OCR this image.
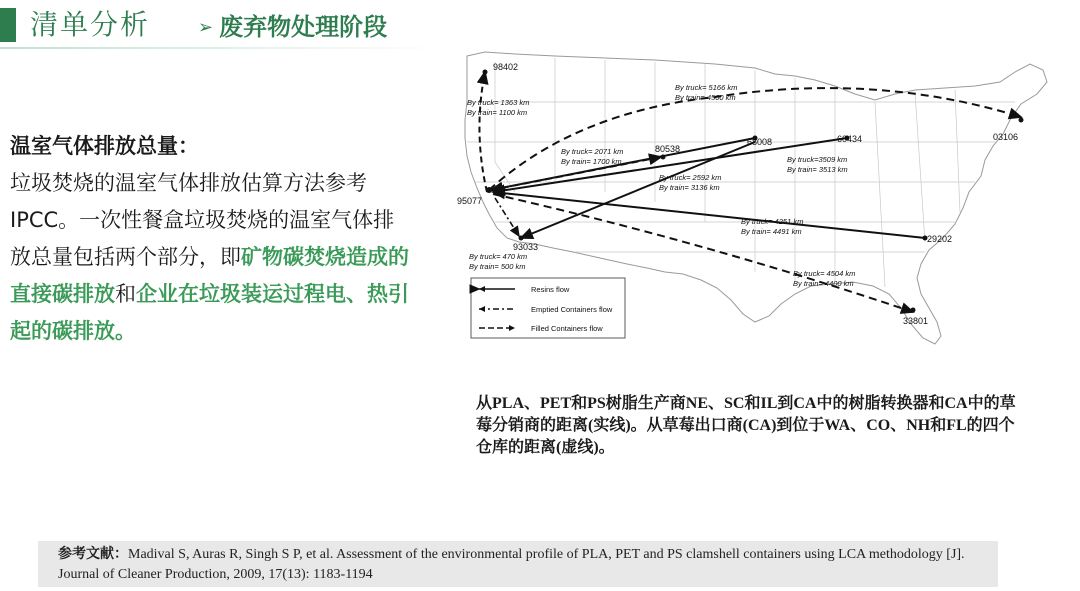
清单分析	➢ 废弃物处理阶段
温室气体排放总量：
垃圾焚烧的温室气体排放估算方法参考IPCC。一次性餐盒垃圾焚烧的温室气体排放总量包括两个部分，即矿物碳焚烧造成的直接碳排放和企业在垃圾装运过程电、热引起的碳排放。
98402
95077
93033
80538
68008	60434	03106
29202
33801
By truck= 1363 km
By train= 1100 km
By truck= 5166 km
By train= 4500 km
By truck= 2071 km
By train= 1700 km
By truck= 2592 km
By train= 3136 km
By truck=3509 km
By train= 3513 km
By truck= 4251 km
By train= 4491 km
By truck= 470 km
By train= 500 km
By truck= 4504 km
By train= 4400 km
Resins flow
Emptied Containers flow
Filled Containers flow
从PLA、PET和PS树脂生产商NE、SC和IL到CA中的树脂转换器和CA中的草莓分销商的距离(实线)。从草莓出口商(CA)到位于WA、CO、NH和FL的四个仓库的距离(虚线)。
参考文献：Madival S, Auras R, Singh S P, et al. Assessment of the environmental profile of PLA, PET and PS clamshell containers using LCA methodology [J]. Journal of Cleaner Production, 2009, 17(13): 1183-1194
